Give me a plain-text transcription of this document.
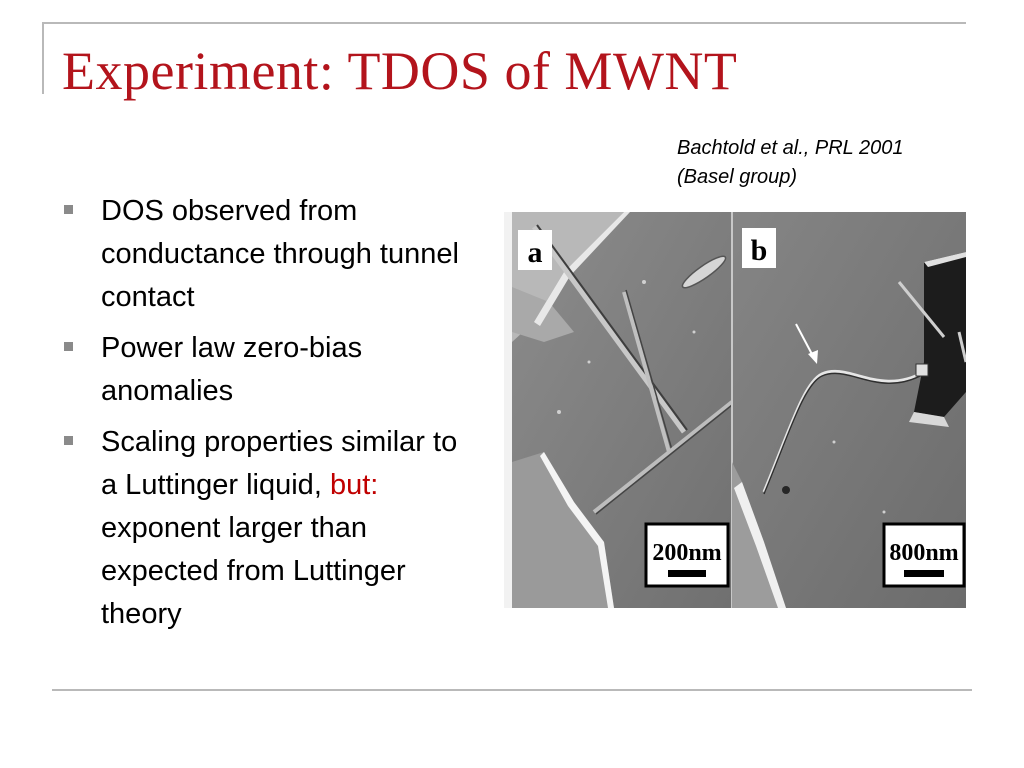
Experiment: TDOS of MWNT
Bachtold et al., PRL 2001
(Basel group)
DOS observed from conductance through tunnel contact
Power law zero-bias anomalies
Scaling properties similar to a Luttinger liquid, but: exponent larger than expected from Luttinger theory
a	b
200nm	800nm
